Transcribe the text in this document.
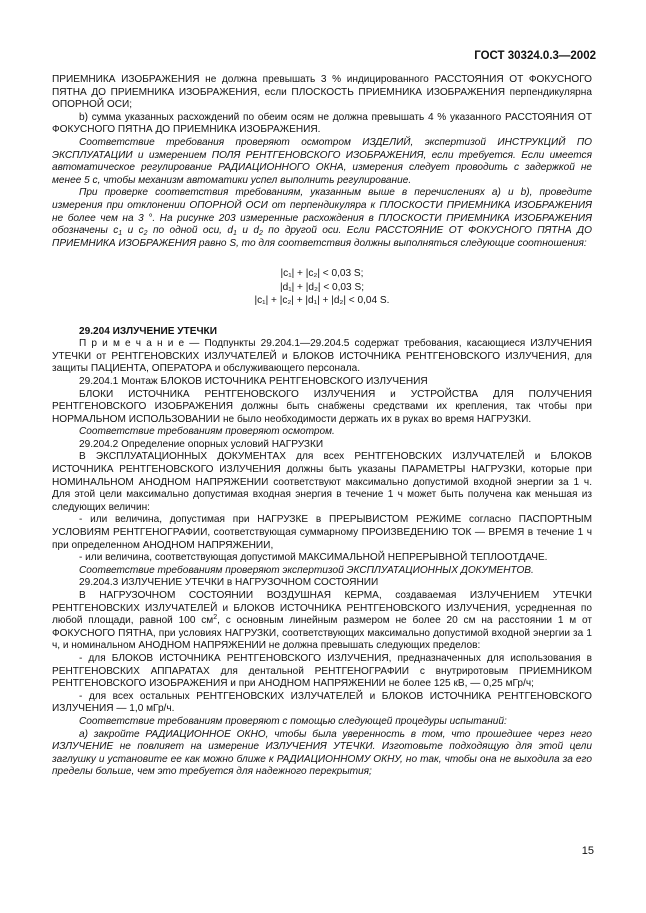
ГОСТ 30324.0.3—2002

ПРИЕМНИКА ИЗОБРАЖЕНИЯ не должна превышать 3 % индицированного РАССТОЯНИЯ ОТ ФОКУСНОГО ПЯТНА ДО ПРИЕМНИКА ИЗОБРАЖЕНИЯ, если ПЛОСКОСТЬ ПРИЕМНИКА ИЗОБРАЖЕНИЯ перпендикулярна ОПОРНОЙ ОСИ;

b) сумма указанных расхождений по обеим осям не должна превышать 4 % указанного РАССТОЯНИЯ ОТ ФОКУСНОГО ПЯТНА ДО ПРИЕМНИКА ИЗОБРАЖЕНИЯ.

Соответствие требования проверяют осмотром ИЗДЕЛИЙ, экспертизой ИНСТРУКЦИЙ ПО ЭКСПЛУАТАЦИИ и измерением ПОЛЯ РЕНТГЕНОВСКОГО ИЗОБРАЖЕНИЯ, если требуется. Если имеется автоматическое регулирование РАДИАЦИОННОГО ОКНА, измерения следует проводить с задержкой не менее 5 с, чтобы механизм автоматики успел выполнить регулирование.

При проверке соответствия требованиям, указанным выше в перечислениях а) и b), проведите измерения при отклонении ОПОРНОЙ ОСИ от перпендикуляра к ПЛОСКОСТИ ПРИЕМНИКА ИЗОБРАЖЕНИЯ не более чем на 3 °. На рисунке 203 измеренные расхождения в ПЛОСКОСТИ ПРИЕМНИКА ИЗОБРАЖЕНИЯ обозначены $c_1$ и $c_2$ по одной оси, $d_1$ и $d_2$ по другой оси. Если РАССТОЯНИЕ ОТ ФОКУСНОГО ПЯТНА ДО ПРИЕМНИКА ИЗОБРАЖЕНИЯ равно S, то для соответствия должны выполняться следующие соотношения:

|c₁| + |c₂| < 0,03 S;
|d₁| + |d₂| < 0,03 S;
|c₁| + |c₂| + |d₁| + |d₂| < 0,04 S.

29.204 ИЗЛУЧЕНИЕ УТЕЧКИ

П р и м е ч а н и е — Подпункты 29.204.1—29.204.5 содержат требования, касающиеся ИЗЛУЧЕНИЯ УТЕЧКИ от РЕНТГЕНОВСКИХ ИЗЛУЧАТЕЛЕЙ и БЛОКОВ ИСТОЧНИКА РЕНТГЕНОВСКОГО ИЗЛУЧЕНИЯ, для защиты ПАЦИЕНТА, ОПЕРАТОРА и обслуживающего персонала.

29.204.1 Монтаж БЛОКОВ ИСТОЧНИКА РЕНТГЕНОВСКОГО ИЗЛУЧЕНИЯ

БЛОКИ ИСТОЧНИКА РЕНТГЕНОВСКОГО ИЗЛУЧЕНИЯ и УСТРОЙСТВА ДЛЯ ПОЛУЧЕНИЯ РЕНТГЕНОВСКОГО ИЗОБРАЖЕНИЯ должны быть снабжены средствами их крепления, так чтобы при НОРМАЛЬНОМ ИСПОЛЬЗОВАНИИ не было необходимости держать их в руках во время НАГРУЗКИ.

Соответствие требованиям проверяют осмотром.

29.204.2 Определение опорных условий НАГРУЗКИ

В ЭКСПЛУАТАЦИОННЫХ ДОКУМЕНТАХ для всех РЕНТГЕНОВСКИХ ИЗЛУЧАТЕЛЕЙ и БЛОКОВ ИСТОЧНИКА РЕНТГЕНОВСКОГО ИЗЛУЧЕНИЯ должны быть указаны ПАРАМЕТРЫ НАГРУЗКИ, которые при НОМИНАЛЬНОМ АНОДНОМ НАПРЯЖЕНИИ соответствуют максимально допустимой входной энергии за 1 ч. Для этой цели максимально допустимая входная энергия в течение 1 ч может быть получена как меньшая из следующих величин:

- или величина, допустимая при НАГРУЗКЕ в ПРЕРЫВИСТОМ РЕЖИМЕ согласно ПАСПОРТНЫМ УСЛОВИЯМ РЕНТГЕНОГРАФИИ, соответствующая суммарному ПРОИЗВЕДЕНИЮ ТОК — ВРЕМЯ в течение 1 ч при определенном АНОДНОМ НАПРЯЖЕНИИ,

- или величина, соответствующая допустимой МАКСИМАЛЬНОЙ НЕПРЕРЫВНОЙ ТЕПЛООТДАЧЕ.

Соответствие требованиям проверяют экспертизой ЭКСПЛУАТАЦИОННЫХ ДОКУМЕНТОВ.

29.204.3 ИЗЛУЧЕНИЕ УТЕЧКИ в НАГРУЗОЧНОМ СОСТОЯНИИ

В НАГРУЗОЧНОМ СОСТОЯНИИ ВОЗДУШНАЯ КЕРМА, создаваемая ИЗЛУЧЕНИЕМ УТЕЧКИ РЕНТГЕНОВСКИХ ИЗЛУЧАТЕЛЕЙ и БЛОКОВ ИСТОЧНИКА РЕНТГЕНОВСКОГО ИЗЛУЧЕНИЯ, усредненная по любой площади, равной 100 $см^2$, с основным линейным размером не более 20 см на расстоянии 1 м от ФОКУСНОГО ПЯТНА, при условиях НАГРУЗКИ, соответствующих максимально допустимой входной энергии за 1 ч, и номинальном АНОДНОМ НАПРЯЖЕНИИ не должна превышать следующих пределов:

- для БЛОКОВ ИСТОЧНИКА РЕНТГЕНОВСКОГО ИЗЛУЧЕНИЯ, предназначенных для использования в РЕНТГЕНОВСКИХ АППАРАТАХ для дентальной РЕНТГЕНОГРАФИИ с внутриротовым ПРИЕМНИКОМ РЕНТГЕНОВСКОГО ИЗОБРАЖЕНИЯ и при АНОДНОМ НАПРЯЖЕНИИ не более 125 кВ, — 0,25 мГр/ч;

- для всех остальных РЕНТГЕНОВСКИХ ИЗЛУЧАТЕЛЕЙ и БЛОКОВ ИСТОЧНИКА РЕНТГЕНОВСКОГО ИЗЛУЧЕНИЯ — 1,0 мГр/ч.

Соответствие требованиям проверяют с помощью следующей процедуры испытаний:

а) закройте РАДИАЦИОННОЕ ОКНО, чтобы была уверенность в том, что прошедшее через него ИЗЛУЧЕНИЕ не повлияет на измерение ИЗЛУЧЕНИЯ УТЕЧКИ. Изготовьте подходящую для этой цели заглушку и установите ее как можно ближе к РАДИАЦИОННОМУ ОКНУ, но так, чтобы она не выходила за его пределы больше, чем это требуется для надежного перекрытия;

15
